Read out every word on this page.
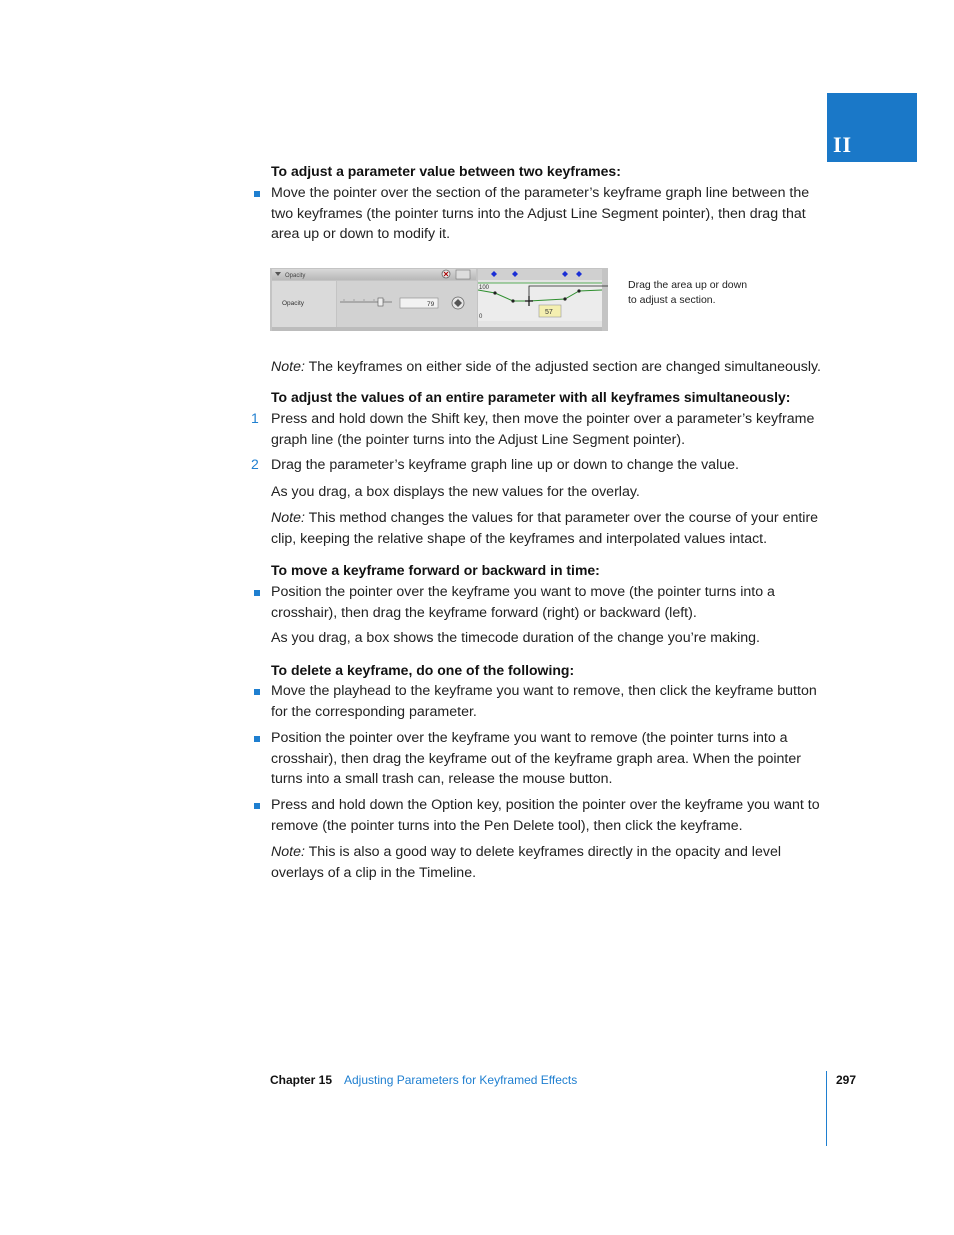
II
To adjust a parameter value between two keyframes:
Move the pointer over the section of the parameter’s keyframe graph line between the two keyframes (the pointer turns into the Adjust Line Segment pointer), then drag that area up or down to modify it.
Opacity
Opacity	79
100
0
57
Drag the area up or down
to adjust a section.
Note: The keyframes on either side of the adjusted section are changed simultaneously.
To adjust the values of an entire parameter with all keyframes simultaneously:
1 Press and hold down the Shift key, then move the pointer over a parameter’s keyframe graph line (the pointer turns into the Adjust Line Segment pointer).
2 Drag the parameter’s keyframe graph line up or down to change the value.
As you drag, a box displays the new values for the overlay.
Note: This method changes the values for that parameter over the course of your entire clip, keeping the relative shape of the keyframes and interpolated values intact.
To move a keyframe forward or backward in time:
Position the pointer over the keyframe you want to move (the pointer turns into a crosshair), then drag the keyframe forward (right) or backward (left).
As you drag, a box shows the timecode duration of the change you’re making.
To delete a keyframe, do one of the following:
Move the playhead to the keyframe you want to remove, then click the keyframe button for the corresponding parameter.
Position the pointer over the keyframe you want to remove (the pointer turns into a crosshair), then drag the keyframe out of the keyframe graph area. When the pointer turns into a small trash can, release the mouse button.
Press and hold down the Option key, position the pointer over the keyframe you want to remove (the pointer turns into the Pen Delete tool), then click the keyframe.
Note: This is also a good way to delete keyframes directly in the opacity and level overlays of a clip in the Timeline.
Chapter 15 Adjusting Parameters for Keyframed Effects	297
